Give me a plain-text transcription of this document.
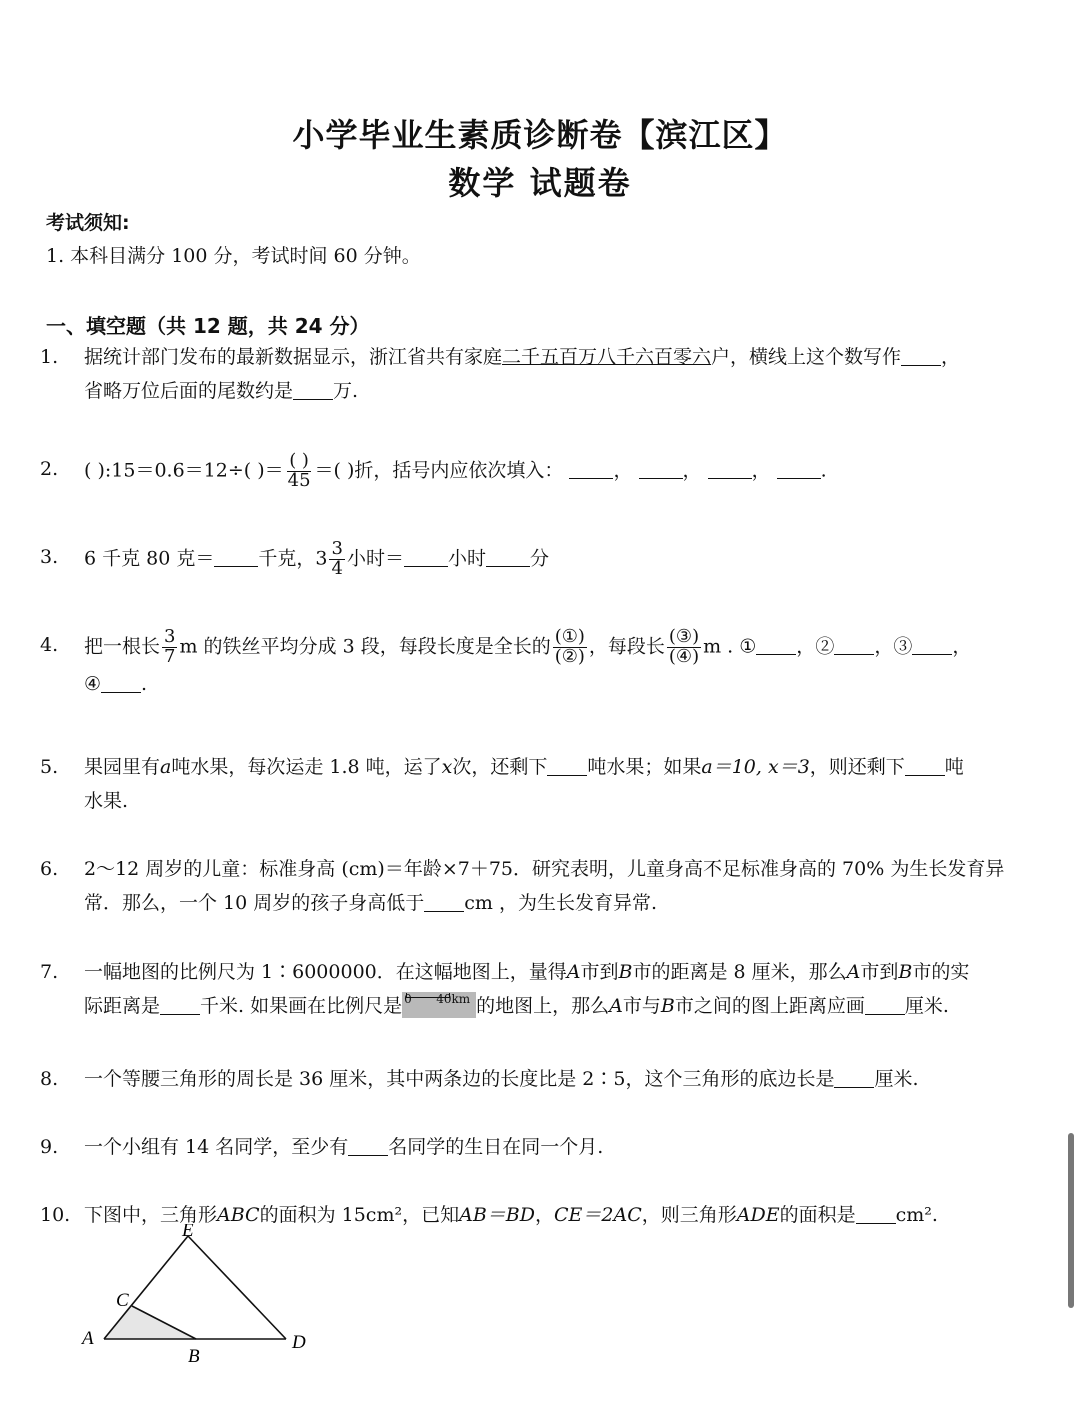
小学毕业生素质诊断卷【滨江区】
数学 试题卷
考试须知:
1. 本科目满分 100 分，考试时间 60 分钟。
一、填空题（共 12 题，共 24 分）
1.	据统计部门发布的最新数据显示，浙江省共有家庭二千五百万八千六百零六户，横线上这个数写作 ，
省略万位后面的尾数约是 万.
2.	( ):15＝0.6＝12÷( )＝ $\frac{( )}{45}$ ＝( )折，括号内应依次填入：	，	，	，	.
3.	6 千克 80 克＝ 千克，$3 \frac{3}{4}$ 小时＝ 小时 分
4.	把一根长 $\frac{3}{7}$ m 的铁丝平均分成 3 段，每段长度是全长的 $\frac{\text{(①)}}{\text{(②)}}$ ，每段长 $\frac{\text{(③)}}{\text{(④)}}$ m . ① ，② ，③ ，
④ .
5.	果园里有a吨水果，每次运走 1.8 吨，运了x次，还剩下 吨水果；如果a＝10, x＝3，则还剩下 吨
水果.
6.	2～12 周岁的儿童：标准身高 (cm)＝年龄×7＋75．研究表明，儿童身高不足标准身高的 70% 为生长发育异
常．那么，一个 10 周岁的孩子身高低于 cm ，为生长发育异常.
7.	一幅地图的比例尺为 1∶6000000．在这幅地图上，量得A市到B市的距离是 8 厘米，那么A市到B市的实
际距离是 千米. 如果画在比例尺是 0 40km 的地图上，那么A市与B市之间的图上距离应画 厘米.
8.	一个等腰三角形的周长是 36 厘米，其中两条边的长度比是 2∶5，这个三角形的底边长是 厘米.
9.	一个小组有 14 名同学，至少有 名同学的生日在同一个月.
10. 下图中，三角形ABC的面积为 15cm²，已知AB＝BD，CE＝2AC，则三角形ADE的面积是 cm².
E
C
A
B
D
